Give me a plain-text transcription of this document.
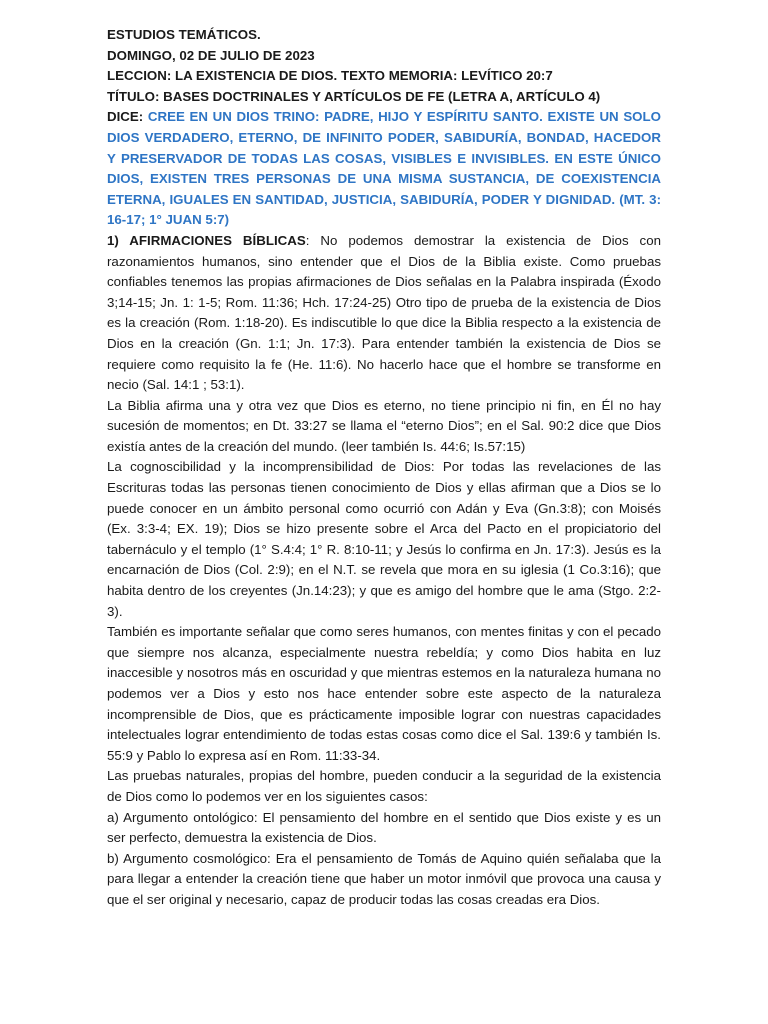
ESTUDIOS TEMÁTICOS.
DOMINGO, 02 DE JULIO DE 2023
LECCION: LA EXISTENCIA DE DIOS. TEXTO MEMORIA: LEVÍTICO 20:7
TÍTULO: BASES DOCTRINALES Y ARTÍCULOS DE FE (LETRA A, ARTÍCULO 4)
DICE: CREE EN UN DIOS TRINO: PADRE, HIJO Y ESPÍRITU SANTO. EXISTE UN SOLO DIOS VERDADERO, ETERNO, DE INFINITO PODER, SABIDURÍA, BONDAD, HACEDOR Y PRESERVADOR DE TODAS LAS COSAS, VISIBLES E INVISIBLES. EN ESTE ÚNICO DIOS, EXISTEN TRES PERSONAS DE UNA MISMA SUSTANCIA, DE COEXISTENCIA ETERNA, IGUALES EN SANTIDAD, JUSTICIA, SABIDURÍA, PODER Y DIGNIDAD. (MT. 3: 16-17; 1° JUAN 5:7)

1) AFIRMACIONES BÍBLICAS: No podemos demostrar la existencia de Dios con razonamientos humanos, sino entender que el Dios de la Biblia existe. Como pruebas confiables tenemos las propias afirmaciones de Dios señalas en la Palabra inspirada (Éxodo 3;14-15; Jn. 1: 1-5; Rom. 11:36; Hch. 17:24-25) Otro tipo de prueba de la existencia de Dios es la creación (Rom. 1:18-20). Es indiscutible lo que dice la Biblia respecto a la existencia de Dios en la creación (Gn. 1:1; Jn. 17:3). Para entender también la existencia de Dios se requiere como requisito la fe (He. 11:6). No hacerlo hace que el hombre se transforme en necio (Sal. 14:1 ; 53:1).

La Biblia afirma una y otra vez que Dios es eterno, no tiene principio ni fin, en Él no hay sucesión de momentos; en Dt. 33:27 se llama el “eterno Dios”; en el Sal. 90:2 dice que Dios existía antes de la creación del mundo. (leer también Is. 44:6; Is.57:15)

La cognoscibilidad y la incomprensibilidad de Dios: Por todas las revelaciones de las Escrituras todas las personas tienen conocimiento de Dios y ellas afirman que a Dios se lo puede conocer en un ámbito personal como ocurrió con Adán y Eva (Gn.3:8); con Moisés (Ex. 3:3-4; EX. 19); Dios se hizo presente sobre el Arca del Pacto en el propiciatorio del tabernáculo y el templo (1° S.4:4; 1° R. 8:10-11; y Jesús lo confirma en Jn. 17:3). Jesús es la encarnación de Dios (Col. 2:9); en el N.T. se revela que mora en su iglesia (1 Co.3:16); que habita dentro de los creyentes (Jn.14:23); y que es amigo del hombre que le ama (Stgo. 2:2-3).

También es importante señalar que como seres humanos, con mentes finitas y con el pecado que siempre nos alcanza, especialmente nuestra rebeldía; y como Dios habita en luz inaccesible y nosotros más en oscuridad y que mientras estemos en la naturaleza humana no podemos ver a Dios y esto nos hace entender sobre este aspecto de la naturaleza incomprensible de Dios, que es prácticamente imposible lograr con nuestras capacidades intelectuales lograr entendimiento de todas estas cosas como dice el Sal. 139:6 y también Is. 55:9 y Pablo lo expresa así en Rom. 11:33-34.

Las pruebas naturales, propias del hombre, pueden conducir a la seguridad de la existencia de Dios como lo podemos ver en los siguientes casos:

a) Argumento ontológico: El pensamiento del hombre en el sentido que Dios existe y es un ser perfecto, demuestra la existencia de Dios.

b) Argumento cosmológico: Era el pensamiento de Tomás de Aquino quién señalaba que la para llegar a entender la creación tiene que haber un motor inmóvil que provoca una causa y que el ser original y necesario, capaz de producir todas las cosas creadas era Dios.
